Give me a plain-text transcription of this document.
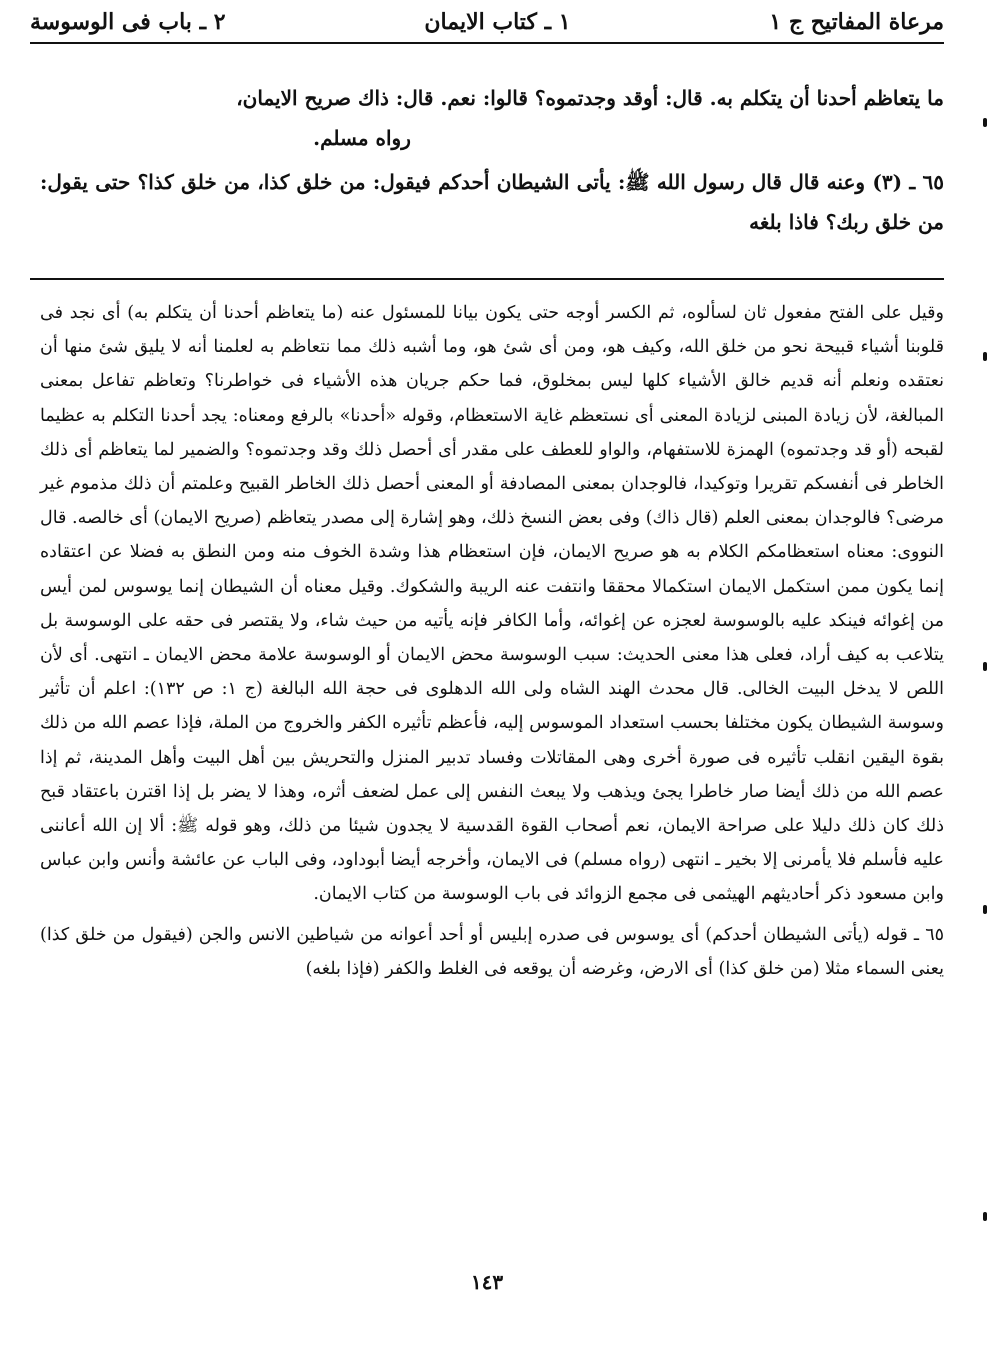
مرعاة المفاتيح ج ١
١ ـ كتاب الايمان
٢ ـ باب فى الوسوسة

ما يتعاظم أحدنا أن يتكلم به. قال: أوقد وجدتموه؟ قالوا: نعم. قال: ذاك صريح الايمان،

رواه مسلم.

٦٥ ـ (٣) وعنه قال قال رسول الله ﷺ: يأتى الشيطان أحدكم فيقول: من خلق كذا، من خلق كذا؟ حتى يقول: من خلق ربك؟ فاذا بلغه

وقيل على الفتح مفعول ثان لسألوه، ثم الكسر أوجه حتى يكون بيانا للمسئول عنه (ما يتعاظم أحدنا أن يتكلم به) أى نجد فى قلوبنا أشياء قبيحة نحو من خلق الله، وكيف هو، ومن أى شئ هو، وما أشبه ذلك مما نتعاظم به لعلمنا أنه لا يليق شئ منها أن نعتقده ونعلم أنه قديم خالق الأشياء كلها ليس بمخلوق، فما حكم جريان هذه الأشياء فى خواطرنا؟ وتعاظم تفاعل بمعنى المبالغة، لأن زيادة المبنى لزيادة المعنى أى نستعظم غاية الاستعظام، وقوله «أحدنا» بالرفع ومعناه: يجد أحدنا التكلم به عظيما لقبحه (أو قد وجدتموه) الهمزة للاستفهام، والواو للعطف على مقدر أى أحصل ذلك وقد وجدتموه؟ والضمير لما يتعاظم أى ذلك الخاطر فى أنفسكم تقريرا وتوكيدا، فالوجدان بمعنى المصادفة أو المعنى أحصل ذلك الخاطر القبيح وعلمتم أن ذلك مذموم غير مرضى؟ فالوجدان بمعنى العلم (قال ذاك) وفى بعض النسخ ذلك، وهو إشارة إلى مصدر يتعاظم (صريح الايمان) أى خالصه. قال النووى: معناه استعظامكم الكلام به هو صريح الايمان، فإن استعظام هذا وشدة الخوف منه ومن النطق به فضلا عن اعتقاده إنما يكون ممن استكمل الايمان استكمالا محققا وانتفت عنه الريبة والشكوك. وقيل معناه أن الشيطان إنما يوسوس لمن أيس من إغوائه فينكد عليه بالوسوسة لعجزه عن إغوائه، وأما الكافر فإنه يأتيه من حيث شاء، ولا يقتصر فى حقه على الوسوسة بل يتلاعب به كيف أراد، فعلى هذا معنى الحديث: سبب الوسوسة محض الايمان أو الوسوسة علامة محض الايمان ـ انتهى. أى لأن اللص لا يدخل البيت الخالى. قال محدث الهند الشاه ولى الله الدهلوى فى حجة الله البالغة (ج ١: ص ١٣٢): اعلم أن تأثير وسوسة الشيطان يكون مختلفا بحسب استعداد الموسوس إليه، فأعظم تأثيره الكفر والخروج من الملة، فإذا عصم الله من ذلك بقوة اليقين انقلب تأثيره فى صورة أخرى وهى المقاتلات وفساد تدبير المنزل والتحريش بين أهل البيت وأهل المدينة، ثم إذا عصم الله من ذلك أيضا صار خاطرا يجئ ويذهب ولا يبعث النفس إلى عمل لضعف أثره، وهذا لا يضر بل إذا اقترن باعتقاد قبح ذلك كان ذلك دليلا على صراحة الايمان، نعم أصحاب القوة القدسية لا يجدون شيئا من ذلك، وهو قوله ﷺ: ألا إن الله أعاننى عليه فأسلم فلا يأمرنى إلا بخير ـ انتهى (رواه مسلم) فى الايمان، وأخرجه أيضا أبوداود، وفى الباب عن عائشة وأنس وابن عباس وابن مسعود ذكر أحاديثهم الهيثمى فى مجمع الزوائد فى باب الوسوسة من كتاب الايمان.

٦٥ ـ قوله (يأتى الشيطان أحدكم) أى يوسوس فى صدره إبليس أو أحد أعوانه من شياطين الانس والجن (فيقول من خلق كذا) يعنى السماء مثلا (من خلق كذا) أى الارض، وغرضه أن يوقعه فى الغلط والكفر (فإذا بلغه)

١٤٣
